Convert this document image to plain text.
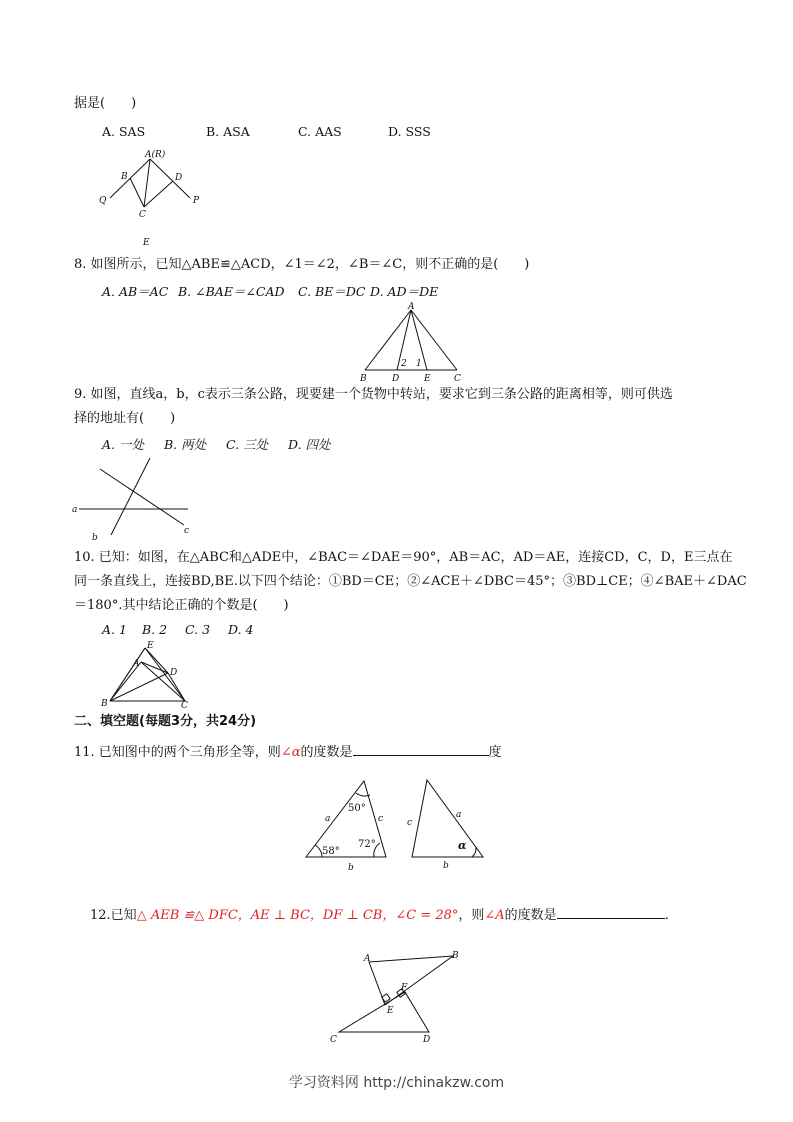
据是(　　)
A. SAS	B. ASA	C. AAS	D. SSS
A(R)
B	D
Q
C
P
E
8. 如图所示，已知△ABE≌△ACD，∠1＝∠2，∠B＝∠C，则不正确的是(　　)
A. AB＝AC B. ∠BAE＝∠CAD C. BE＝DC D. AD＝DE
A
B	D	E	C
2 1
9. 如图，直线a，b，c表示三条公路，现要建一个货物中转站，要求它到三条公路的距离相等，则可供选
择的地址有(　　)
A. 一处 B. 两处 C. 三处 D. 四处
a
b
c
10. 已知：如图，在△ABC和△ADE中，∠BAC＝∠DAE＝90°，AB＝AC，AD＝AE，连接CD，C，D，E三点在
同一条直线上，连接BD,BE.以下四个结论：①BD＝CE；②∠ACE＋∠DBC＝45°；③BD⊥CE；④∠BAE＋∠DAC
＝180°.其中结论正确的个数是(　　)
A. 1 B. 2 C. 3 D. 4
E
A
D
B	C
二、填空题(每题3分，共24分)
11. 已知图中的两个三角形全等，则∠α的度数是	度
50°
58°
72°
a	c
b
c
a
b
α
12.已知△ AEB ≌△ DFC，AE ⊥ BC，DF ⊥ CB，∠C = 28°，则∠A的度数是	.
A	B
F
E
C	D
学习资料网 http://chinakzw.com
